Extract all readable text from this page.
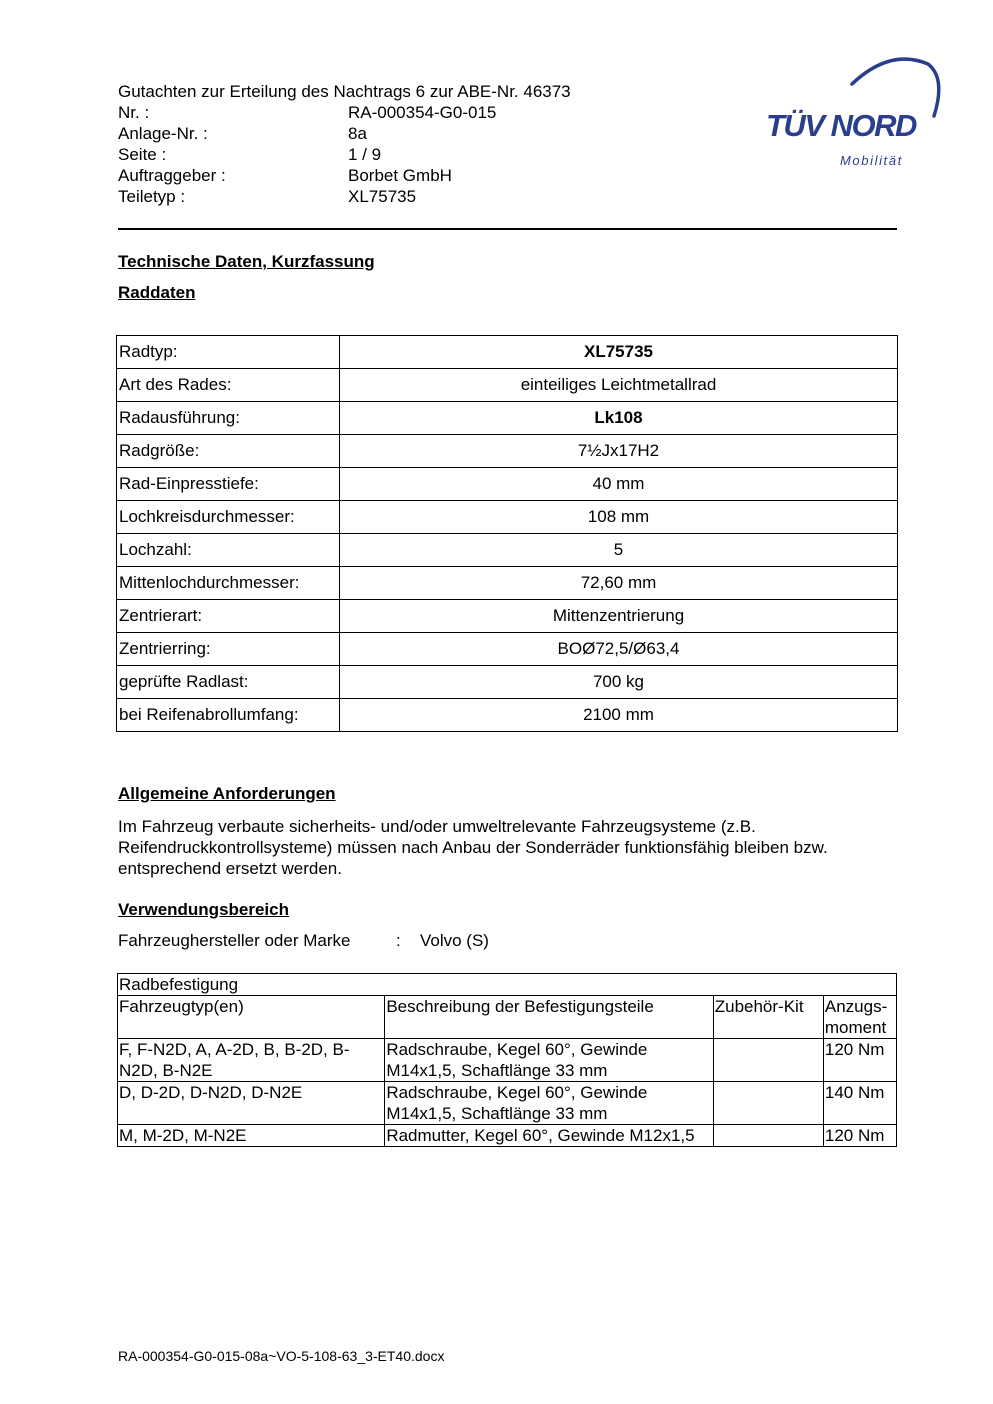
Gutachten zur Erteilung des Nachtrags 6 zur ABE-Nr. 46373
Nr. :	RA-000354-G0-015
Anlage-Nr. :	8a
Seite :	1 / 9
Auftraggeber :	Borbet GmbH
Teiletyp :	XL75735
TÜV NORD
Mobilität
Technische Daten, Kurzfassung
Raddaten
Radtyp:	XL75735
Art des Rades:	einteiliges Leichtmetallrad
Radausführung:	Lk108
Radgröße:	7½Jx17H2
Rad-Einpresstiefe:	40 mm
Lochkreisdurchmesser:	108 mm
Lochzahl:	5
Mittenlochdurchmesser:	72,60 mm
Zentrierart:	Mittenzentrierung
Zentrierring:	BOØ72,5/Ø63,4
geprüfte Radlast:	700 kg
bei Reifenabrollumfang:	2100 mm
Allgemeine Anforderungen
Im Fahrzeug verbaute sicherheits- und/oder umweltrelevante Fahrzeugsysteme (z.B. Reifendruckkontrollsysteme) müssen nach Anbau der Sonderräder funktionsfähig bleiben bzw. entsprechend ersetzt werden.
Verwendungsbereich
Fahrzeughersteller oder Marke	: Volvo (S)
Radbefestigung			
Fahrzeugtyp(en)	Beschreibung der Befestigungsteile	Zubehör-Kit	Anzugs-moment
F, F-N2D, A, A-2D, B, B-2D, B-N2D, B-N2E	Radschraube, Kegel 60°, Gewinde M14x1,5, Schaftlänge 33 mm		120 Nm
D, D-2D, D-N2D, D-N2E	Radschraube, Kegel 60°, Gewinde M14x1,5, Schaftlänge 33 mm		140 Nm
M, M-2D, M-N2E	Radmutter, Kegel 60°, Gewinde M12x1,5		120 Nm
RA-000354-G0-015-08a~VO-5-108-63_3-ET40.docx
